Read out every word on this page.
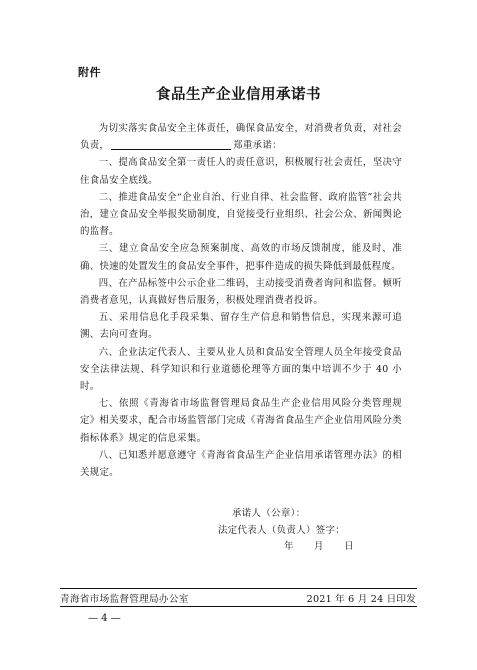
附件
食品生产企业信用承诺书

为切实落实食品安全主体责任，确保食品安全，对消费者负责，对社会负责，	郑重承诺：

一、提高食品安全第一责任人的责任意识，积极履行社会责任，坚决守住食品安全底线。

二、推进食品安全“企业自治、行业自律、社会监督、政府监管”社会共治，建立食品安全举报奖励制度，自觉接受行业组织、社会公众、新闻舆论的监督。

三、建立食品安全应急预案制度、高效的市场反馈制度，能及时、准确、快速的处置发生的食品安全事件，把事件造成的损失降低到最低程度。

四、在产品标签中公示企业二维码，主动接受消费者询问和监督。倾听消费者意见，认真做好售后服务，积极处理消费者投诉。

五、采用信息化手段采集、留存生产信息和销售信息，实现来源可追溯、去向可查询。

六、企业法定代表人、主要从业人员和食品安全管理人员全年接受食品安全法律法规、科学知识和行业道德伦理等方面的集中培训不少于 40 小时。

七、依照《青海省市场监督管理局食品生产企业信用风险分类管理规定》相关要求，配合市场监管部门完成《青海省食品生产企业信用风险分类指标体系》规定的信息采集。

八、已知悉并愿意遵守《青海省食品生产企业信用承诺管理办法》的相关规定。

承诺人（公章）：
法定代表人（负责人）签字：
年      月      日
青海省市场监督管理局办公室	2021 年 6 月 24 日印发
— 4 —
